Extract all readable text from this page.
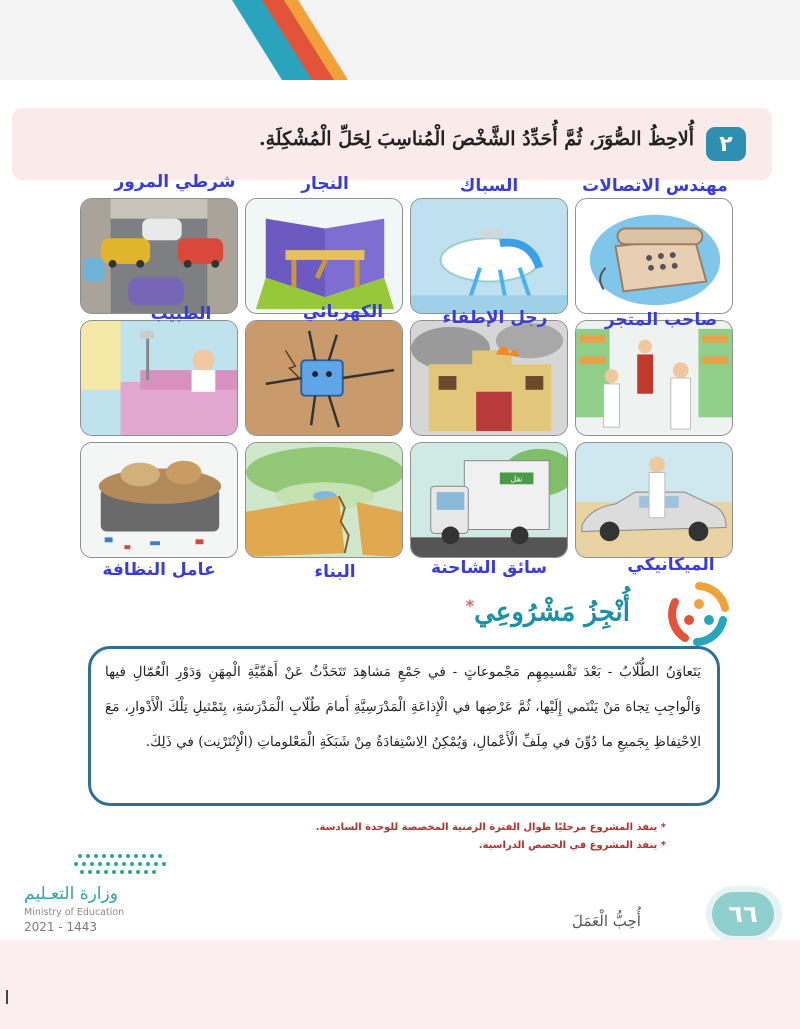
٢
أُلاحِظُ الصُّوَرَ، ثُمَّ أُحَدِّدُ الشَّخْصَ الْمُناسِبَ لِحَلِّ الْمُشْكِلَةِ.
مهندس الاتصالات
السباك
النجار
شرطي المرور
نقل
صاحب المتجر
رجل الإطفاء
الكهربائي
الطبيب
الميكانيكي
سائق الشاحنة
البناء
عامل النظافة
أُنْجِزُ مَشْرُوعِي*

يَتَعاوَنُ الطُّلّابُ - بَعْدَ تَقْسيمِهِم مَجْموعاتٍ - في جَمْعِ مَشاهِدَ تَتَحَدَّثُ عَنْ أَهَمِّيَّةِ الْمِهَنِ وَدَوْرِ الْعُمّالِ فيها وَالْواجِبِ تِجاهَ مَنْ يَنْتَمي إِلَيْها، ثُمَّ عَرْضِها في الْإِذاعَةِ الْمَدْرَسِيَّةِ أَمامَ طُلّابِ الْمَدْرَسَةِ، بِتَمْثيلِ تِلْكَ الْأَدْوارِ، مَعَ الِاحْتِفاظِ بِجَميعِ ما دُوِّنَ في مِلَفِّ الْأَعْمالِ، وَيُمْكِنُ الِاسْتِفادَةُ مِنْ شَبَكَةِ الْمَعْلوماتِ (الْإِنْتَرْنِت) في ذَلِكَ.

* ينفذ المشروع مرحليًا طوال الفترة الزمنية المخصصة للوحدة السادسة.
* ينفذ المشروع في الحصص الدراسية.
وزارة التعـليم
Ministry of Education
2021 - 1443	أُحِبُّ الْعَمَلَ	٦٦
